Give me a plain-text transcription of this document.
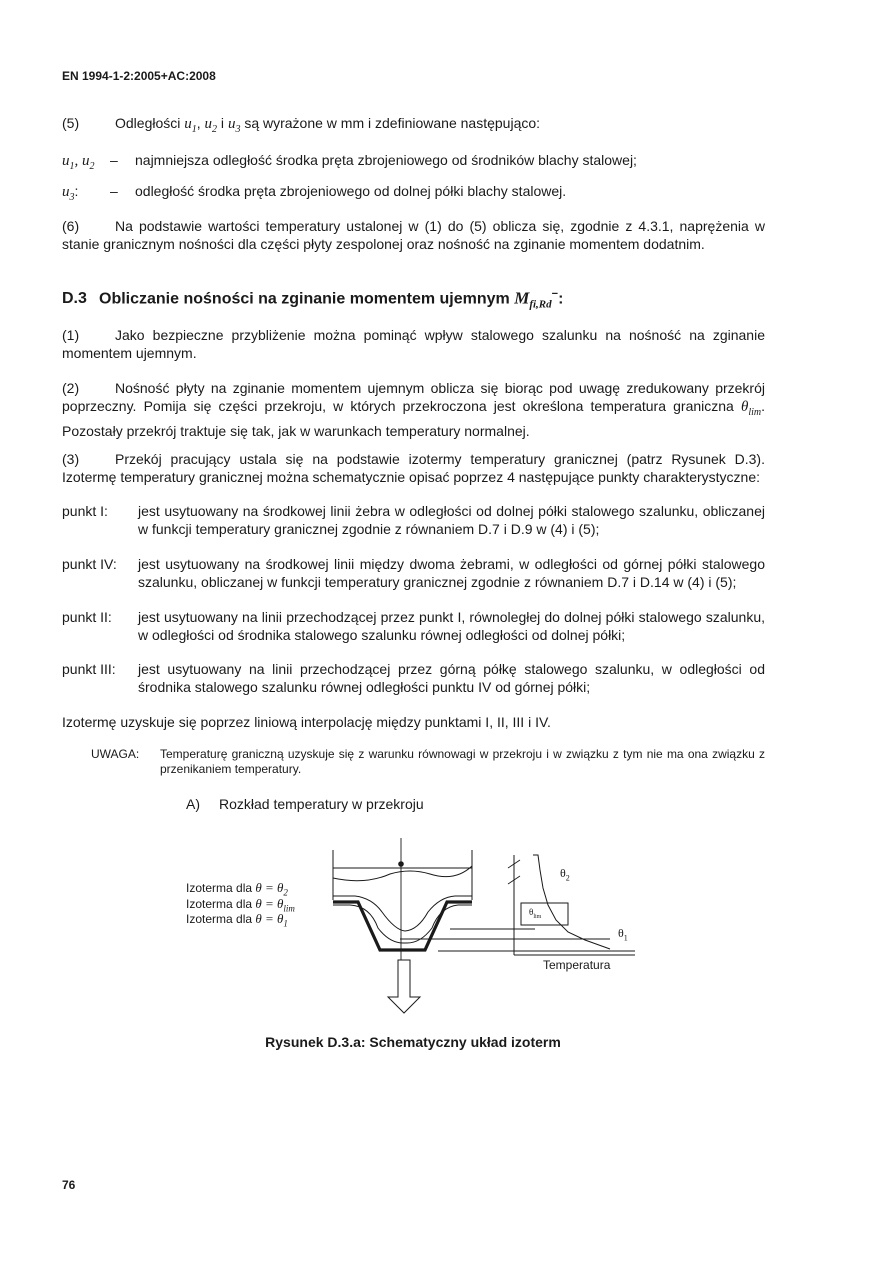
EN 1994-1-2:2005+AC:2008
(5)	Odległości $u_1$, $u_2$ i $u_3$ są wyrażone w mm i zdefiniowane następująco:
$u_1$, $u_2$ – najmniejsza odległość środka pręta zbrojeniowego od środników blachy stalowej;
$u_3$: – odległość środka pręta zbrojeniowego od dolnej półki blachy stalowej.
(6)	Na podstawie wartości temperatury ustalonej w (1) do (5) oblicza się, zgodnie z 4.3.1, naprężenia w stanie granicznym nośności dla części płyty zespolonej oraz nośność na zginanie momentem dodatnim.
D.3 Obliczanie nośności na zginanie momentem ujemnym $M_{fi,Rd}^-$:
(1)	Jako bezpieczne przybliżenie można pominąć wpływ stalowego szalunku na nośność na zginanie momentem ujemnym.
(2)	Nośność płyty na zginanie momentem ujemnym oblicza się biorąc pod uwagę zredukowany przekrój poprzeczny. Pomija się części przekroju, w których przekroczona jest określona temperatura graniczna $\theta_{lim}$. Pozostały przekrój traktuje się tak, jak w warunkach temperatury normalnej.
(3)	Przekój pracujący ustala się na podstawie izotermy temperatury granicznej (patrz Rysunek D.3). Izotermę temperatury granicznej można schematycznie opisać poprzez 4 następujące punkty charakterystyczne:
punkt I:	jest usytuowany na środkowej linii żebra w odległości od dolnej półki stalowego szalunku, obliczanej w funkcji temperatury granicznej zgodnie z równaniem D.7 i D.9 w (4) i (5);
punkt IV:	jest usytuowany na środkowej linii między dwoma żebrami, w odległości od górnej półki stalowego szalunku, obliczanej w funkcji temperatury granicznej zgodnie z równaniem D.7 i D.14 w (4) i (5);
punkt II:	jest usytuowany na linii przechodzącej przez punkt I, równoległej do dolnej półki stalowego szalunku, w odległości od środnika stalowego szalunku równej odległości od dolnej półki;
punkt III:	jest usytuowany na linii przechodzącej przez górną półkę stalowego szalunku, w odległości od środnika stalowego szalunku równej odległości punktu IV od górnej półki;
Izotermę uzyskuje się poprzez liniową interpolację między punktami I, II, III i IV.
UWAGA: Temperaturę graniczną uzyskuje się z warunku równowagi w przekroju i w związku z tym nie ma ona związku z przenikaniem temperatury.
A) Rozkład temperatury w przekroju
Izoterma dla $\theta = \theta_2$
Izoterma dla $\theta = \theta_{lim}$
Izoterma dla $\theta = \theta_1$
$\theta_2$
$\theta_{lim}$
$\theta_1$
Temperatura
Rysunek D.3.a: Schematyczny układ izoterm
76
